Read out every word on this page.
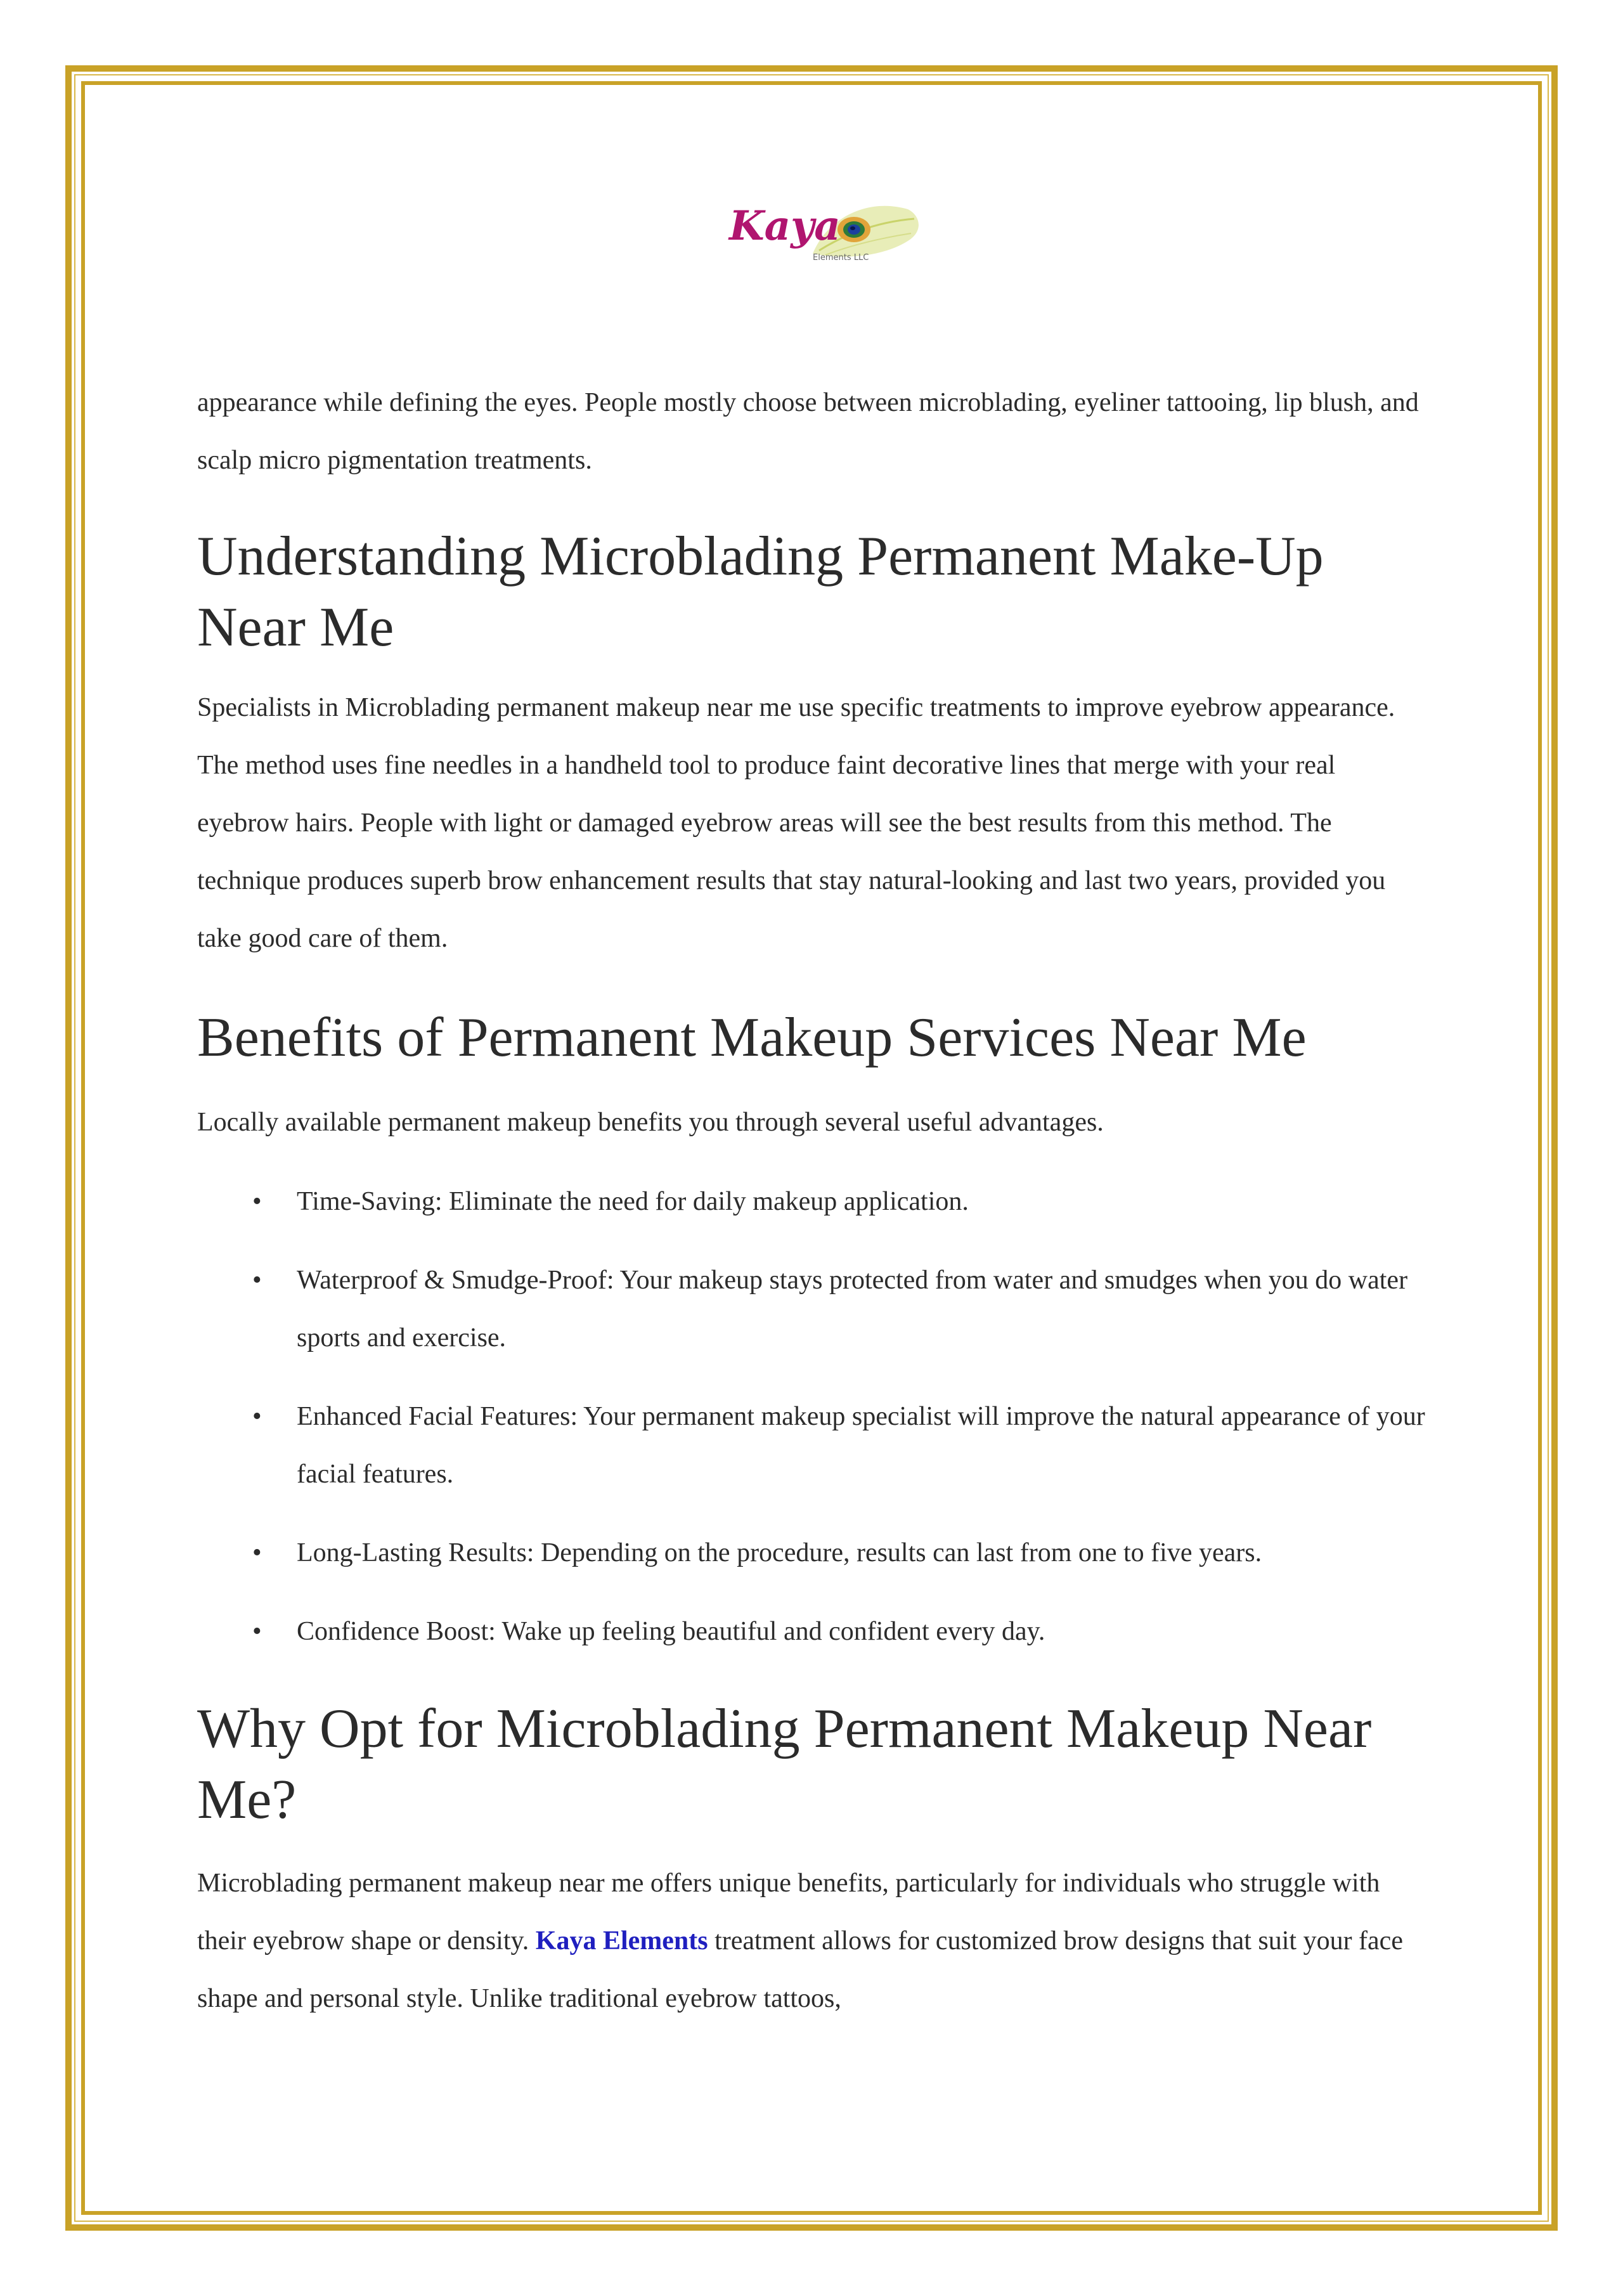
Kaya
Elements LLC

appearance while defining the eyes. People mostly choose between microblading, eyeliner tattooing, lip blush, and scalp micro pigmentation treatments.

Understanding Microblading Permanent Make-Up Near Me

Specialists in Microblading permanent makeup near me use specific treatments to improve eyebrow appearance. The method uses fine needles in a handheld tool to produce faint decorative lines that merge with your real eyebrow hairs. People with light or damaged eyebrow areas will see the best results from this method. The technique produces superb brow enhancement results that stay natural-looking and last two years, provided you take good care of them.

Benefits of Permanent Makeup Services Near Me

Locally available permanent makeup benefits you through several useful advantages.

• Time-Saving: Eliminate the need for daily makeup application.
• Waterproof & Smudge-Proof: Your makeup stays protected from water and smudges when you do water sports and exercise.
• Enhanced Facial Features: Your permanent makeup specialist will improve the natural appearance of your facial features.
• Long-Lasting Results: Depending on the procedure, results can last from one to five years.
• Confidence Boost: Wake up feeling beautiful and confident every day.
Why Opt for Microblading Permanent Makeup Near Me?

Microblading permanent makeup near me offers unique benefits, particularly for individuals who struggle with their eyebrow shape or density. Kaya Elements treatment allows for customized brow designs that suit your face shape and personal style. Unlike traditional eyebrow tattoos,
